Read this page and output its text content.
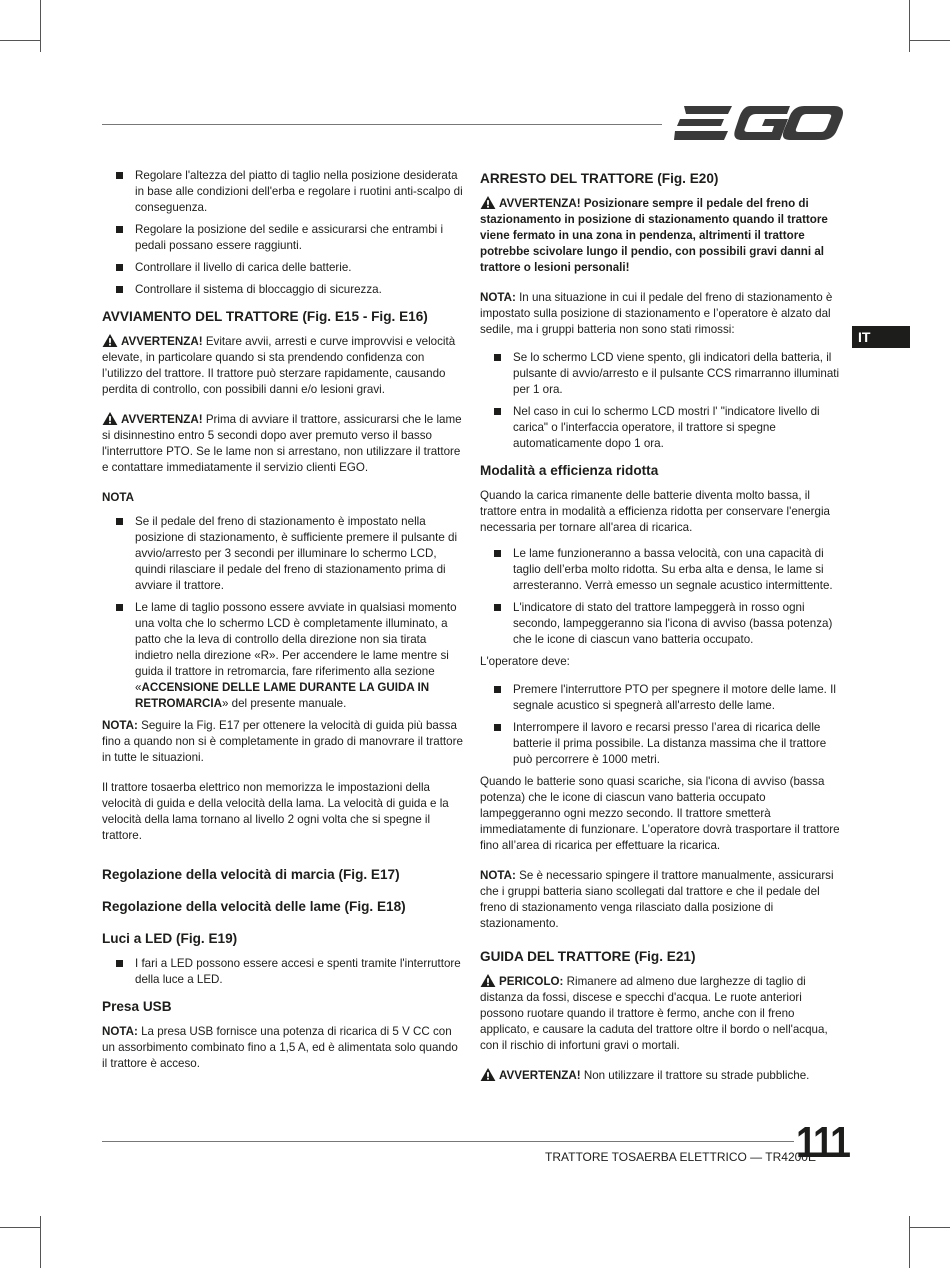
IT
Regolare l'altezza del piatto di taglio nella posizione desiderata in base alle condizioni dell'erba e regolare i ruotini anti-scalpo di conseguenza.
Regolare la posizione del sedile e assicurarsi che entrambi i pedali possano essere raggiunti.
Controllare il livello di carica delle batterie.
Controllare il sistema di bloccaggio di sicurezza.
AVVIAMENTO DEL TRATTORE (Fig. E15 - Fig. E16)

AVVERTENZA! Evitare avvii, arresti e curve improvvisi e velocità elevate, in particolare quando si sta prendendo confidenza con l’utilizzo del trattore. Il trattore può sterzare rapidamente, causando perdita di controllo, con possibili danni e/o lesioni gravi.

AVVERTENZA! Prima di avviare il trattore, assicurarsi che le lame si disinnestino entro 5 secondi dopo aver premuto verso il basso l'interruttore PTO. Se le lame non si arrestano, non utilizzare il trattore e contattare immediatamente il servizio clienti EGO.

NOTA

Se il pedale del freno di stazionamento è impostato nella posizione di stazionamento, è sufficiente premere il pulsante di avvio/arresto per 3 secondi per illuminare lo schermo LCD, quindi rilasciare il pedale del freno di stazionamento prima di avviare il trattore.
Le lame di taglio possono essere avviate in qualsiasi momento una volta che lo schermo LCD è completamente illuminato, a patto che la leva di controllo della direzione non sia tirata indietro nella direzione «R». Per accendere le lame mentre si guida il trattore in retromarcia, fare riferimento alla sezione «ACCENSIONE DELLE LAME DURANTE LA GUIDA IN RETROMARCIA» del presente manuale.

NOTA: Seguire la Fig. E17 per ottenere la velocità di guida più bassa fino a quando non si è completamente in grado di manovrare il trattore in tutte le situazioni.

Il trattore tosaerba elettrico non memorizza le impostazioni della velocità di guida e della velocità della lama. La velocità di guida e la velocità della lama tornano al livello 2 ogni volta che si spegne il trattore.

Regolazione della velocità di marcia (Fig. E17)
Regolazione della velocità delle lame (Fig. E18)
Luci a LED (Fig. E19)
I fari a LED possono essere accesi e spenti tramite l'interruttore della luce a LED.
Presa USB

NOTA: La presa USB fornisce una potenza di ricarica di 5 V CC con un assorbimento combinato fino a 1,5 A, ed è alimentata solo quando il trattore è acceso.

ARRESTO DEL TRATTORE (Fig. E20)

AVVERTENZA! Posizionare sempre il pedale del freno di stazionamento in posizione di stazionamento quando il trattore viene fermato in una zona in pendenza, altrimenti il trattore potrebbe scivolare lungo il pendio, con possibili gravi danni al trattore o lesioni personali!

NOTA: In una situazione in cui il pedale del freno di stazionamento è impostato sulla posizione di stazionamento e l’operatore è alzato dal sedile, ma i gruppi batteria non sono stati rimossi:

Se lo schermo LCD viene spento, gli indicatori della batteria, il pulsante di avvio/arresto e il pulsante CCS rimarranno illuminati per 1 ora.
Nel caso in cui lo schermo LCD mostri l' "indicatore livello di carica" o l'interfaccia operatore, il trattore si spegne automaticamente dopo 1 ora.
Modalità a efficienza ridotta

Quando la carica rimanente delle batterie diventa molto bassa, il trattore entra in modalità a efficienza ridotta per conservare l'energia necessaria per tornare all'area di ricarica.

Le lame funzioneranno a bassa velocità, con una capacità di taglio dell’erba molto ridotta. Su erba alta e densa, le lame si arresteranno. Verrà emesso un segnale acustico intermittente.
L'indicatore di stato del trattore lampeggerà in rosso ogni secondo, lampeggeranno sia l'icona di avviso (bassa potenza) che le icone di ciascun vano batteria occupato.

L'operatore deve:

Premere l'interruttore PTO per spegnere il motore delle lame. Il segnale acustico si spegnerà all'arresto delle lame.
Interrompere il lavoro e recarsi presso l’area di ricarica delle batterie il prima possibile. La distanza massima che il trattore può percorrere è 1000 metri.

Quando le batterie sono quasi scariche, sia l'icona di avviso (bassa potenza) che le icone di ciascun vano batteria occupato lampeggeranno ogni mezzo secondo. Il trattore smetterà immediatamente di funzionare. L’operatore dovrà trasportare il trattore fino all’area di ricarica per effettuare la ricarica.

NOTA: Se è necessario spingere il trattore manualmente, assicurarsi che i gruppi batteria siano scollegati dal trattore e che il pedale del freno di stazionamento venga rilasciato dalla posizione di stazionamento.

GUIDA DEL TRATTORE (Fig. E21)

PERICOLO: Rimanere ad almeno due larghezze di taglio di distanza da fossi, discese e specchi d'acqua. Le ruote anteriori possono ruotare quando il trattore è fermo, anche con il freno applicato, e causare la caduta del trattore oltre il bordo o nell'acqua, con il rischio di infortuni gravi o mortali.

AVVERTENZA! Non utilizzare il trattore su strade pubbliche.

TRATTORE TOSAERBA ELETTRICO — TR4200E
111
